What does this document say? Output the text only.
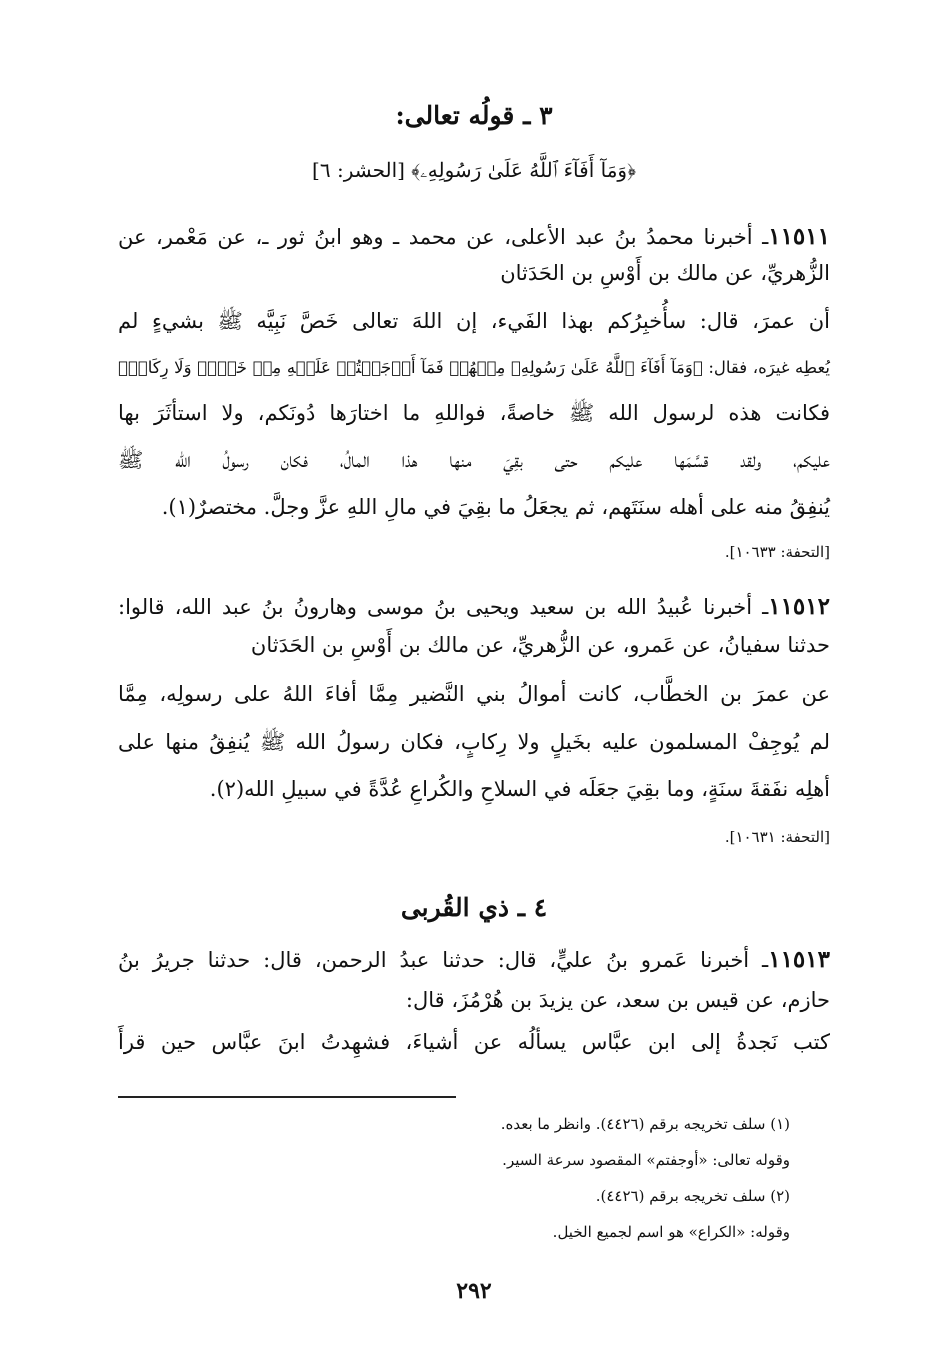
٣ ـ قولُه تعالى:
﴿وَمَآ أَفَآءَ ٱللَّهُ عَلَىٰ رَسُولِهِۦ﴾ [الحشر: ٦]
١١٥١١ـ أخبرنا محمدُ بنُ عبد الأعلى، عن محمد ـ وهو ابنُ ثور ـ، عن مَعْمر، عن
الزُّهريِّ، عن مالك بن أَوْسِ بن الحَدَثان
أن عمرَ، قال: سأُخبِرُكم بهذا الفَيء، إن اللهَ تعالى خَصَّ نَبِيَّه ﷺ بشيءٍ لم
يُعطِه غيرَه، فقال: ﴿وَمَآ أَفَآءَ ٱللَّهُ عَلَىٰ رَسُولِهِۦ مِنۡهُمۡ فَمَآ أَوۡجَفۡتُمۡ عَلَيۡهِ مِنۡ خَيۡلٖ وَلَا رِكَابٖ﴾
فكانت هذه لرسول الله ﷺ خاصةً، فواللهِ ما اختارَها دُونَكم، ولا استأثَرَ بها
عليكم، ولقد قسَّمَها عليكم حتى بقِيَ منها هذا المالُ، فكان رسولُ الله ﷺ
يُنفِقُ منه على أهله سنَتَهم، ثم يجعَلُ ما بقِيَ في مالِ اللهِ عزَّ وجلَّ. مختصرٌ(١).
[التحفة: ١٠٦٣٣].
١١٥١٢ـ أخبرنا عُبيدُ الله بن سعيد ويحيى بنُ موسى وهارونُ بنُ عبد الله، قالوا:
حدثنا سفيانُ، عن عَمرو، عن الزُّهريِّ، عن مالك بن أَوْسِ بن الحَدَثان
عن عمرَ بن الخطَّاب، كانت أموالُ بني النَّضير مِمَّا أفاءَ اللهُ على رسولِه، مِمَّا
لم يُوجِفْ المسلمون عليه بخَيلٍ ولا رِكابٍ، فكان رسولُ الله ﷺ يُنفِقُ منها على
أهلِه نفَقةَ سنَةٍ، وما بقِيَ جعَلَه في السلاحِ والكُراعِ عُدَّةً في سبيلِ الله(٢).
[التحفة: ١٠٦٣١].
٤ ـ ذي القُربى
١١٥١٣ـ أخبرنا عَمرو بنُ عليٍّ، قال: حدثنا عبدُ الرحمن، قال: حدثنا جريرُ بنُ
حازم، عن قيس بن سعد، عن يزيدَ بن هُرْمُزَ، قال:
كتب نَجدةُ إلى ابن عبَّاس يسألُه عن أشياءَ، فشهِدتُ ابنَ عبَّاس حين قرأَ
(١) سلف تخريجه برقم (٤٤٢٦). وانظر ما بعده.
وقوله تعالى: «أوجفتم» المقصود سرعة السير.
(٢) سلف تخريجه برقم (٤٤٢٦).
وقوله: «الكراع» هو اسم لجميع الخيل.
٢٩٢
